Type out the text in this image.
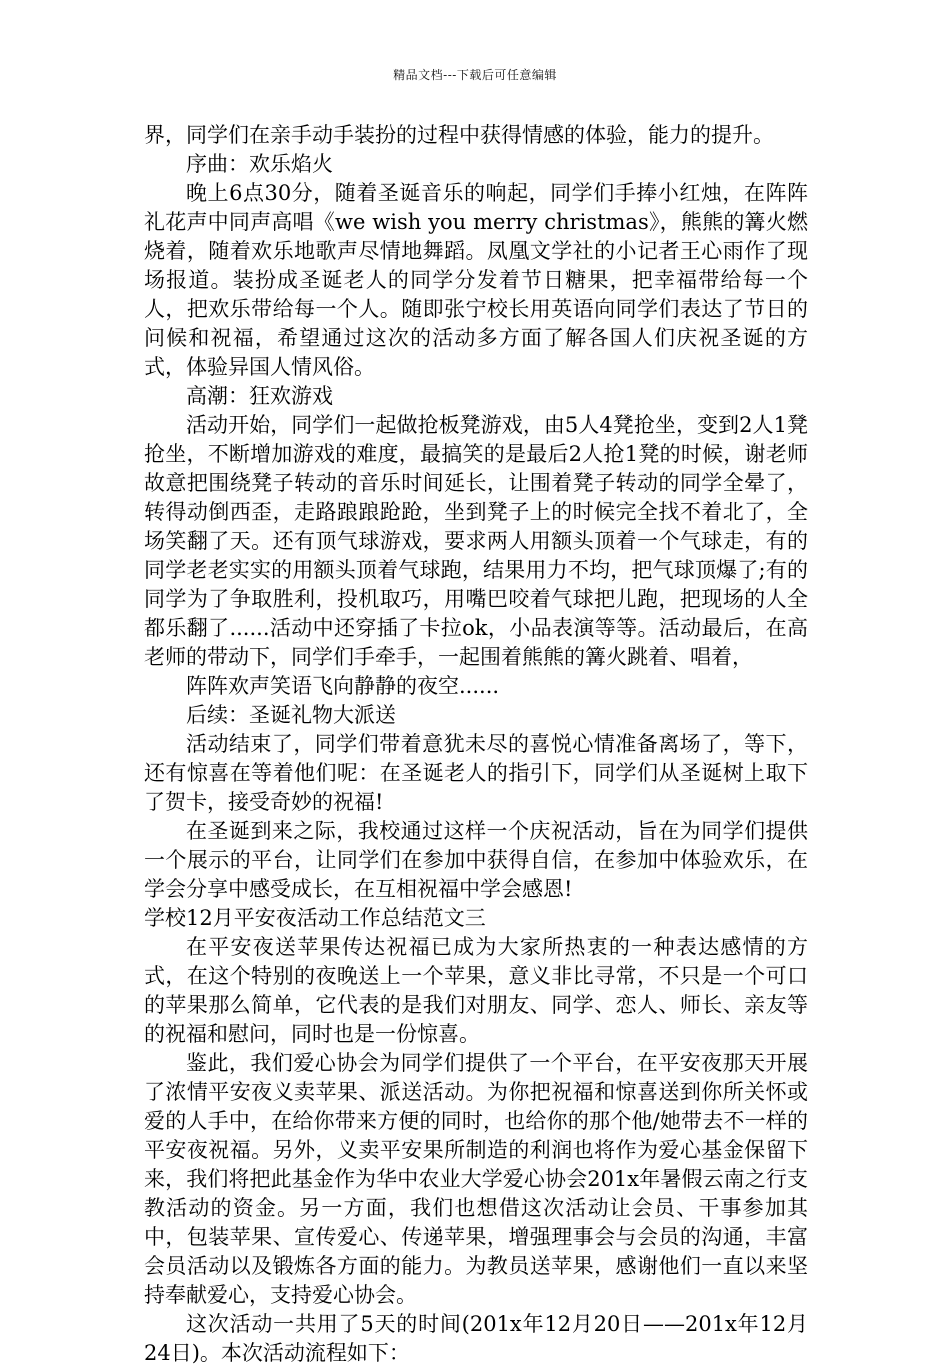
精品文档---下载后可任意编辑

界，同学们在亲手动手装扮的过程中获得情感的体验，能力的提升。

序曲：欢乐焰火

晚上6点30分，随着圣诞音乐的响起，同学们手捧小红烛，在阵阵礼花声中同声高唱《we wish you merry christmas》，熊熊的篝火燃烧着，随着欢乐地歌声尽情地舞蹈。凤凰文学社的小记者王心雨作了现场报道。装扮成圣诞老人的同学分发着节日糖果，把幸福带给每一个人，把欢乐带给每一个人。随即张宁校长用英语向同学们表达了节日的问候和祝福，希望通过这次的活动多方面了解各国人们庆祝圣诞的方式，体验异国人情风俗。

高潮：狂欢游戏

活动开始，同学们一起做抢板凳游戏，由5人4凳抢坐，变到2人1凳抢坐，不断增加游戏的难度，最搞笑的是最后2人抢1凳的时候，谢老师故意把围绕凳子转动的音乐时间延长，让围着凳子转动的同学全晕了，转得动倒西歪，走路踉踉跄跄，坐到凳子上的时候完全找不着北了，全场笑翻了天。还有顶气球游戏，要求两人用额头顶着一个气球走，有的同学老老实实的用额头顶着气球跑，结果用力不均，把气球顶爆了;有的同学为了争取胜利，投机取巧，用嘴巴咬着气球把儿跑，把现场的人全都乐翻了......活动中还穿插了卡拉ok，小品表演等等。活动最后，在高老师的带动下，同学们手牵手，一起围着熊熊的篝火跳着、唱着，

阵阵欢声笑语飞向静静的夜空......

后续：圣诞礼物大派送

活动结束了，同学们带着意犹未尽的喜悦心情准备离场了，等下，还有惊喜在等着他们呢：在圣诞老人的指引下，同学们从圣诞树上取下了贺卡，接受奇妙的祝福!

在圣诞到来之际，我校通过这样一个庆祝活动，旨在为同学们提供一个展示的平台，让同学们在参加中获得自信，在参加中体验欢乐，在学会分享中感受成长，在互相祝福中学会感恩!

学校12月平安夜活动工作总结范文三

在平安夜送苹果传达祝福已成为大家所热衷的一种表达感情的方式，在这个特别的夜晚送上一个苹果，意义非比寻常，不只是一个可口的苹果那么简单，它代表的是我们对朋友、同学、恋人、师长、亲友等的祝福和慰问，同时也是一份惊喜。

鉴此，我们爱心协会为同学们提供了一个平台，在平安夜那天开展了浓情平安夜义卖苹果、派送活动。为你把祝福和惊喜送到你所关怀或爱的人手中，在给你带来方便的同时，也给你的那个他/她带去不一样的平安夜祝福。另外，义卖平安果所制造的利润也将作为爱心基金保留下来，我们将把此基金作为华中农业大学爱心协会201x年暑假云南之行支教活动的资金。另一方面，我们也想借这次活动让会员、干事参加其中，包装苹果、宣传爱心、传递苹果，增强理事会与会员的沟通，丰富会员活动以及锻炼各方面的能力。为教员送苹果，感谢他们一直以来坚持奉献爱心，支持爱心协会。

这次活动一共用了5天的时间(201x年12月20日——201x年12月24日)。本次活动流程如下：
